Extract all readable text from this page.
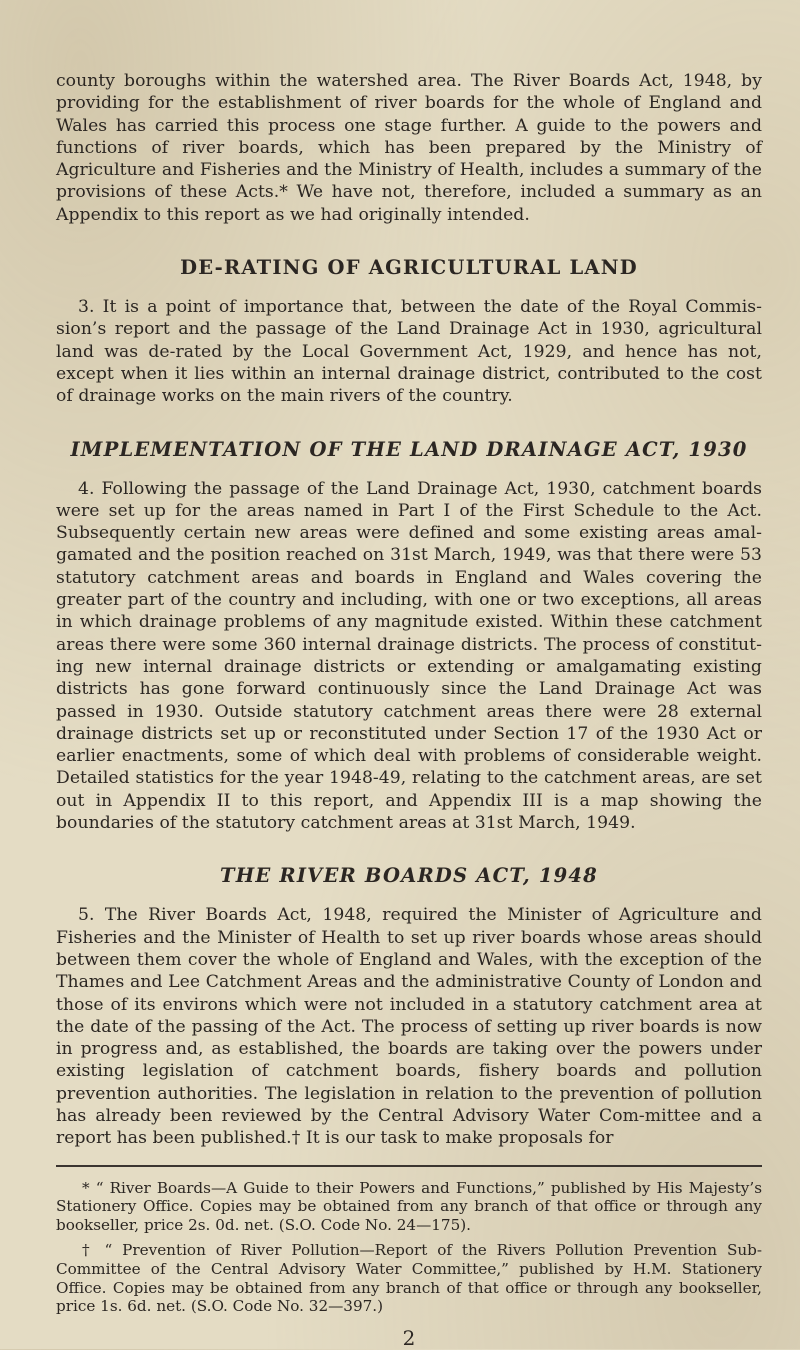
county boroughs within the watershed area. The River Boards Act, 1948, by providing for the establishment of river boards for the whole of England and Wales has carried this process one stage further. A guide to the powers and functions of river boards, which has been prepared by the Ministry of Agriculture and Fisheries and the Ministry of Health, includes a summary of the provisions of these Acts.* We have not, therefore, included a summary as an Appendix to this report as we had originally intended.

DE-RATING OF AGRICULTURAL LAND

3. It is a point of importance that, between the date of the Royal Commis-sion’s report and the passage of the Land Drainage Act in 1930, agricultural land was de-rated by the Local Government Act, 1929, and hence has not, except when it lies within an internal drainage district, contributed to the cost of drainage works on the main rivers of the country.

IMPLEMENTATION OF THE LAND DRAINAGE ACT, 1930

4. Following the passage of the Land Drainage Act, 1930, catchment boards were set up for the areas named in Part I of the First Schedule to the Act. Subsequently certain new areas were defined and some existing areas amal-gamated and the position reached on 31st March, 1949, was that there were 53 statutory catchment areas and boards in England and Wales covering the greater part of the country and including, with one or two exceptions, all areas in which drainage problems of any magnitude existed. Within these catchment areas there were some 360 internal drainage districts. The process of constitut-ing new internal drainage districts or extending or amalgamating existing districts has gone forward continuously since the Land Drainage Act was passed in 1930. Outside statutory catchment areas there were 28 external drainage districts set up or reconstituted under Section 17 of the 1930 Act or earlier enactments, some of which deal with problems of considerable weight. Detailed statistics for the year 1948-49, relating to the catchment areas, are set out in Appendix II to this report, and Appendix III is a map showing the boundaries of the statutory catchment areas at 31st March, 1949.

THE RIVER BOARDS ACT, 1948

5. The River Boards Act, 1948, required the Minister of Agriculture and Fisheries and the Minister of Health to set up river boards whose areas should between them cover the whole of England and Wales, with the exception of the Thames and Lee Catchment Areas and the administrative County of London and those of its environs which were not included in a statutory catchment area at the date of the passing of the Act. The process of setting up river boards is now in progress and, as established, the boards are taking over the powers under existing legislation of catchment boards, fishery boards and pollution prevention authorities. The legislation in relation to the prevention of pollution has already been reviewed by the Central Advisory Water Com-mittee and a report has been published.† It is our task to make proposals for

* “ River Boards—A Guide to their Powers and Functions,” published by His Majesty’s Stationery Office. Copies may be obtained from any branch of that office or through any bookseller, price 2s. 0d. net. (S.O. Code No. 24—175).

† “ Prevention of River Pollution—Report of the Rivers Pollution Prevention Sub-Committee of the Central Advisory Water Committee,” published by H.M. Stationery Office. Copies may be obtained from any branch of that office or through any bookseller, price 1s. 6d. net. (S.O. Code No. 32—397.)

2
